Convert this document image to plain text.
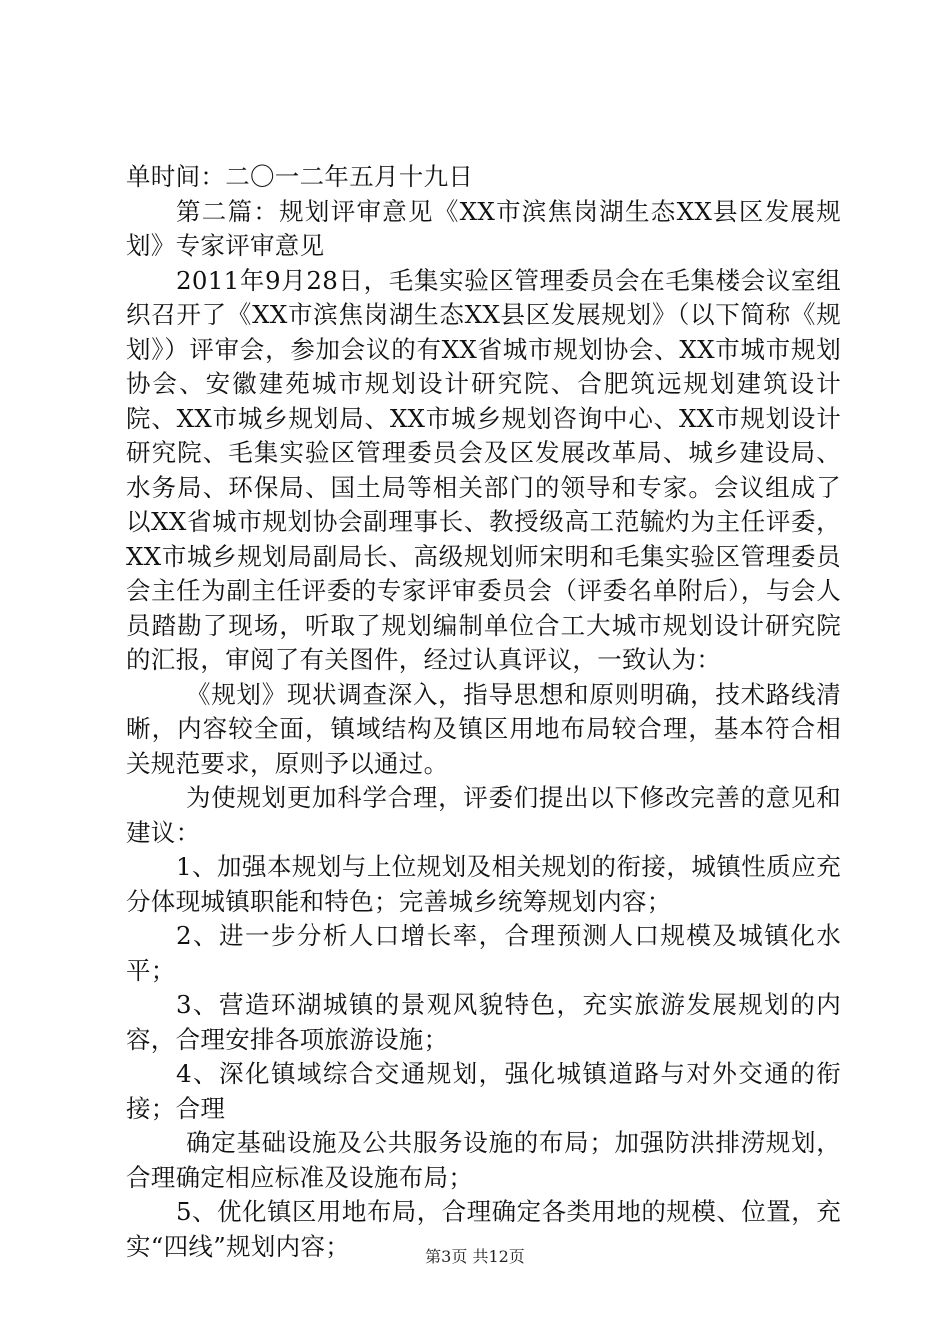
单时间：二〇一二年五月十九日

第二篇：规划评审意见《XX市滨焦岗湖生态XX县区发展规划》专家评审意见

2011年9月28日，毛集实验区管理委员会在毛集楼会议室组织召开了《XX市滨焦岗湖生态XX县区发展规划》（以下简称《规划》）评审会，参加会议的有XX省城市规划协会、XX市城市规划协会、安徽建苑城市规划设计研究院、合肥筑远规划建筑设计院、XX市城乡规划局、XX市城乡规划咨询中心、XX市规划设计研究院、毛集实验区管理委员会及区发展改革局、城乡建设局、水务局、环保局、国土局等相关部门的领导和专家。会议组成了以XX省城市规划协会副理事长、教授级高工范毓灼为主任评委，XX市城乡规划局副局长、高级规划师宋明和毛集实验区管理委员会主任为副主任评委的专家评审委员会（评委名单附后），与会人员踏勘了现场，听取了规划编制单位合工大城市规划设计研究院的汇报，审阅了有关图件，经过认真评议，一致认为：

《规划》现状调查深入，指导思想和原则明确，技术路线清晰，内容较全面，镇域结构及镇区用地布局较合理，基本符合相关规范要求，原则予以通过。

为使规划更加科学合理，评委们提出以下修改完善的意见和建议：

1、加强本规划与上位规划及相关规划的衔接，城镇性质应充分体现城镇职能和特色；完善城乡统筹规划内容；

2、进一步分析人口增长率，合理预测人口规模及城镇化水平；

3、营造环湖城镇的景观风貌特色，充实旅游发展规划的内容，合理安排各项旅游设施；

4、深化镇域综合交通规划，强化城镇道路与对外交通的衔接；合理

确定基础设施及公共服务设施的布局；加强防洪排涝规划，合理确定相应标准及设施布局；

5、优化镇区用地布局，合理确定各类用地的规模、位置，充实“四线”规划内容；	第3页 共12页
